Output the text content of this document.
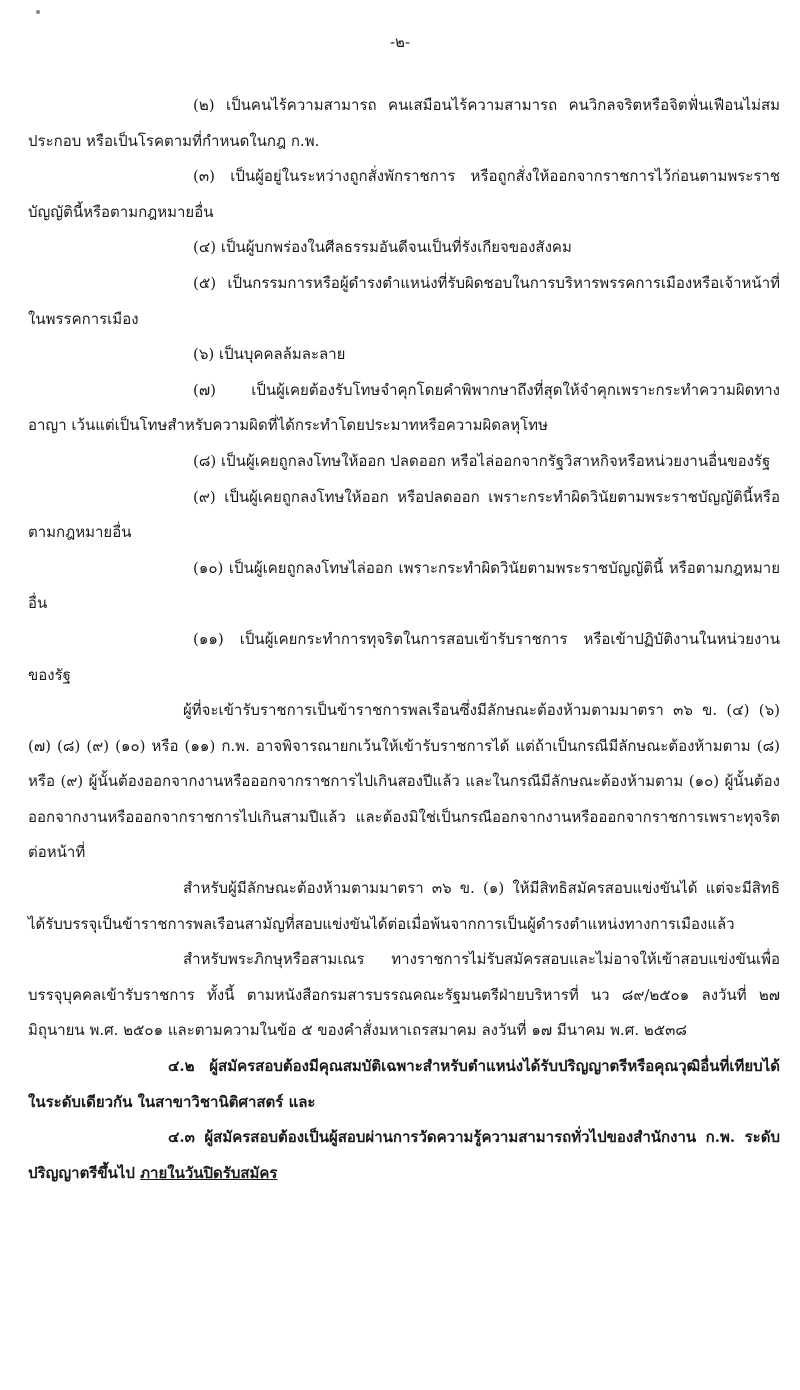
-๒-

(๒) เป็นคนไร้ความสามารถ คนเสมือนไร้ความสามารถ คนวิกลจริตหรือจิตฟั่นเฟือนไม่สมประกอบ หรือเป็นโรคตามที่กำหนดในกฎ ก.พ.

(๓) เป็นผู้อยู่ในระหว่างถูกสั่งพักราชการ หรือถูกสั่งให้ออกจากราชการไว้ก่อนตามพระราชบัญญัตินี้หรือตามกฎหมายอื่น

(๔) เป็นผู้บกพร่องในศีลธรรมอันดีจนเป็นที่รังเกียจของสังคม

(๕) เป็นกรรมการหรือผู้ดำรงตำแหน่งที่รับผิดชอบในการบริหารพรรคการเมืองหรือเจ้าหน้าที่ในพรรคการเมือง

(๖) เป็นบุคคลล้มละลาย

(๗) เป็นผู้เคยต้องรับโทษจำคุกโดยคำพิพากษาถึงที่สุดให้จำคุกเพราะกระทำความผิดทางอาญา เว้นแต่เป็นโทษสำหรับความผิดที่ได้กระทำโดยประมาทหรือความผิดลหุโทษ

(๘) เป็นผู้เคยถูกลงโทษให้ออก ปลดออก หรือไล่ออกจากรัฐวิสาหกิจหรือหน่วยงานอื่นของรัฐ

(๙) เป็นผู้เคยถูกลงโทษให้ออก หรือปลดออก เพราะกระทำผิดวินัยตามพระราชบัญญัตินี้หรือตามกฎหมายอื่น

(๑๐) เป็นผู้เคยถูกลงโทษไล่ออก เพราะกระทำผิดวินัยตามพระราชบัญญัตินี้ หรือตามกฎหมายอื่น

(๑๑) เป็นผู้เคยกระทำการทุจริตในการสอบเข้ารับราชการ หรือเข้าปฏิบัติงานในหน่วยงานของรัฐ

ผู้ที่จะเข้ารับราชการเป็นข้าราชการพลเรือนซึ่งมีลักษณะต้องห้ามตามมาตรา ๓๖ ข. (๔) (๖) (๗) (๘) (๙) (๑๐) หรือ (๑๑) ก.พ. อาจพิจารณายกเว้นให้เข้ารับราชการได้ แต่ถ้าเป็นกรณีมีลักษณะต้องห้ามตาม (๘) หรือ (๙) ผู้นั้นต้องออกจากงานหรือออกจากราชการไปเกินสองปีแล้ว และในกรณีมีลักษณะต้องห้ามตาม (๑๐) ผู้นั้นต้องออกจากงานหรือออกจากราชการไปเกินสามปีแล้ว และต้องมิใช่เป็นกรณีออกจากงานหรือออกจากราชการเพราะทุจริตต่อหน้าที่

สำหรับผู้มีลักษณะต้องห้ามตามมาตรา ๓๖ ข. (๑) ให้มีสิทธิสมัครสอบแข่งขันได้ แต่จะมีสิทธิได้รับบรรจุเป็นข้าราชการพลเรือนสามัญที่สอบแข่งขันได้ต่อเมื่อพ้นจากการเป็นผู้ดำรงตำแหน่งทางการเมืองแล้ว

สำหรับพระภิกษุหรือสามเณร ทางราชการไม่รับสมัครสอบและไม่อาจให้เข้าสอบแข่งขันเพื่อบรรจุบุคคลเข้ารับราชการ ทั้งนี้ ตามหนังสือกรมสารบรรณคณะรัฐมนตรีฝ่ายบริหารที่ นว ๘๙/๒๕๐๑ ลงวันที่ ๒๗ มิถุนายน พ.ศ. ๒๕๐๑ และตามความในข้อ ๕ ของคำสั่งมหาเถรสมาคม ลงวันที่ ๑๗ มีนาคม พ.ศ. ๒๕๓๘

๔.๒ ผู้สมัครสอบต้องมีคุณสมบัติเฉพาะสำหรับตำแหน่งได้รับปริญญาตรีหรือคุณวุฒิอื่นที่เทียบได้ในระดับเดียวกัน ในสาขาวิชานิติศาสตร์ และ

๔.๓ ผู้สมัครสอบต้องเป็นผู้สอบผ่านการวัดความรู้ความสามารถทั่วไปของสำนักงาน ก.พ. ระดับปริญญาตรีขึ้นไป ภายในวันปิดรับสมัคร
